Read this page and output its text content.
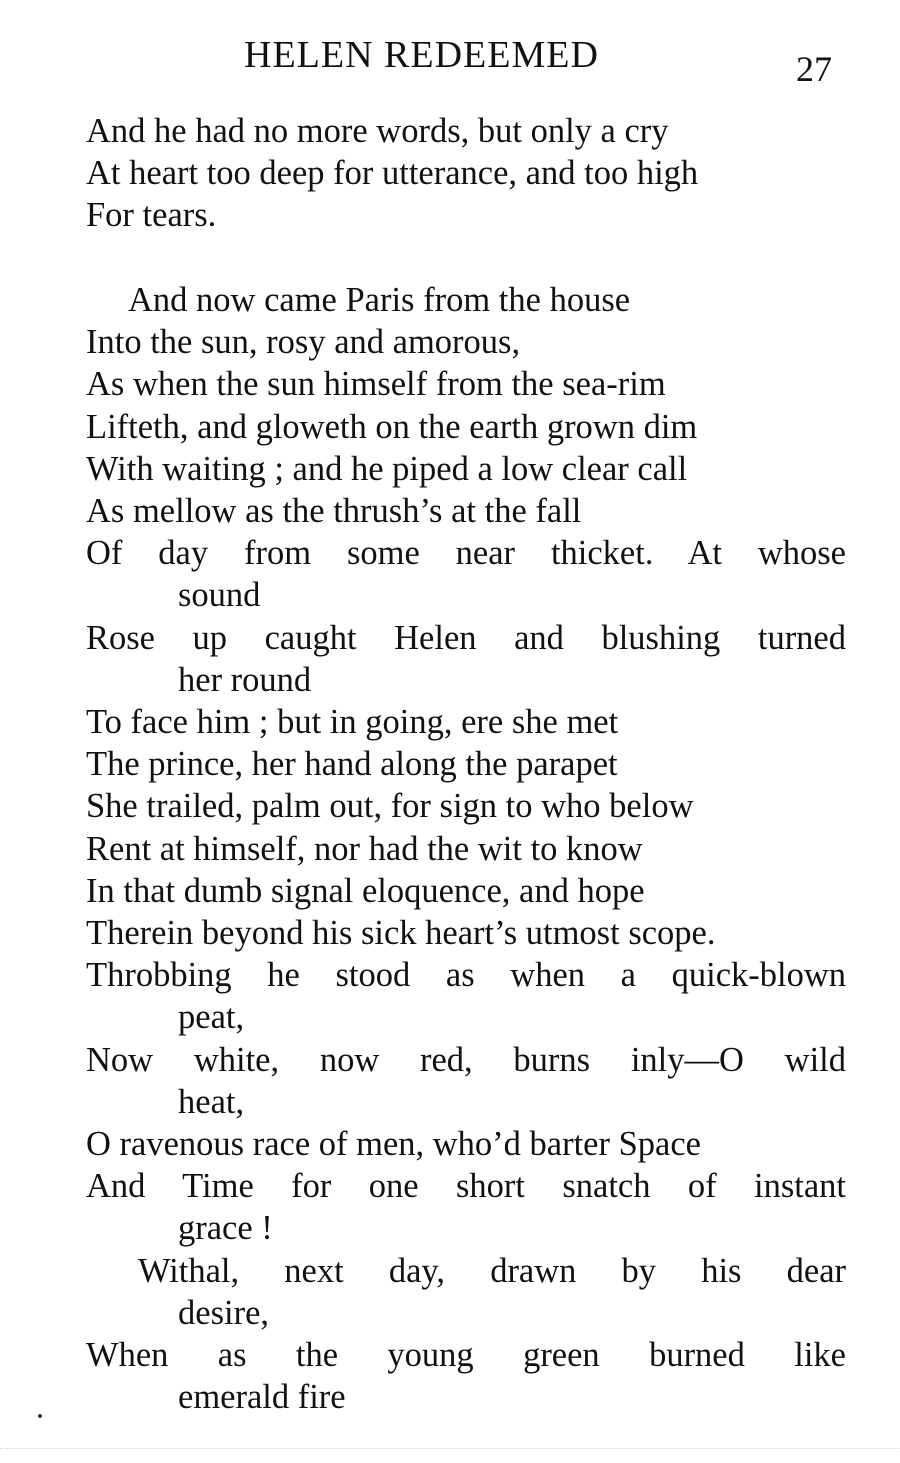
HELEN REDEEMED	27
And he had no more words, but only a cry
At heart too deep for utterance, and too high
For tears.
And now came Paris from the house
Into the sun, rosy and amorous,
As when the sun himself from the sea-rim
Lifteth, and gloweth on the earth grown dim
With waiting ; and he piped a low clear call
As mellow as the thrush’s at the fall
Of day from some near thicket. At whose
sound
Rose up caught Helen and blushing turned
her round
To face him ; but in going, ere she met
The prince, her hand along the parapet
She trailed, palm out, for sign to who below
Rent at himself, nor had the wit to know
In that dumb signal eloquence, and hope
Therein beyond his sick heart’s utmost scope.
Throbbing he stood as when a quick-blown
peat,
Now white, now red, burns inly—O wild
heat,
O ravenous race of men, who’d barter Space
And Time for one short snatch of instant
grace !
Withal, next day, drawn by his dear
desire,
When as the young green burned like
emerald fire
